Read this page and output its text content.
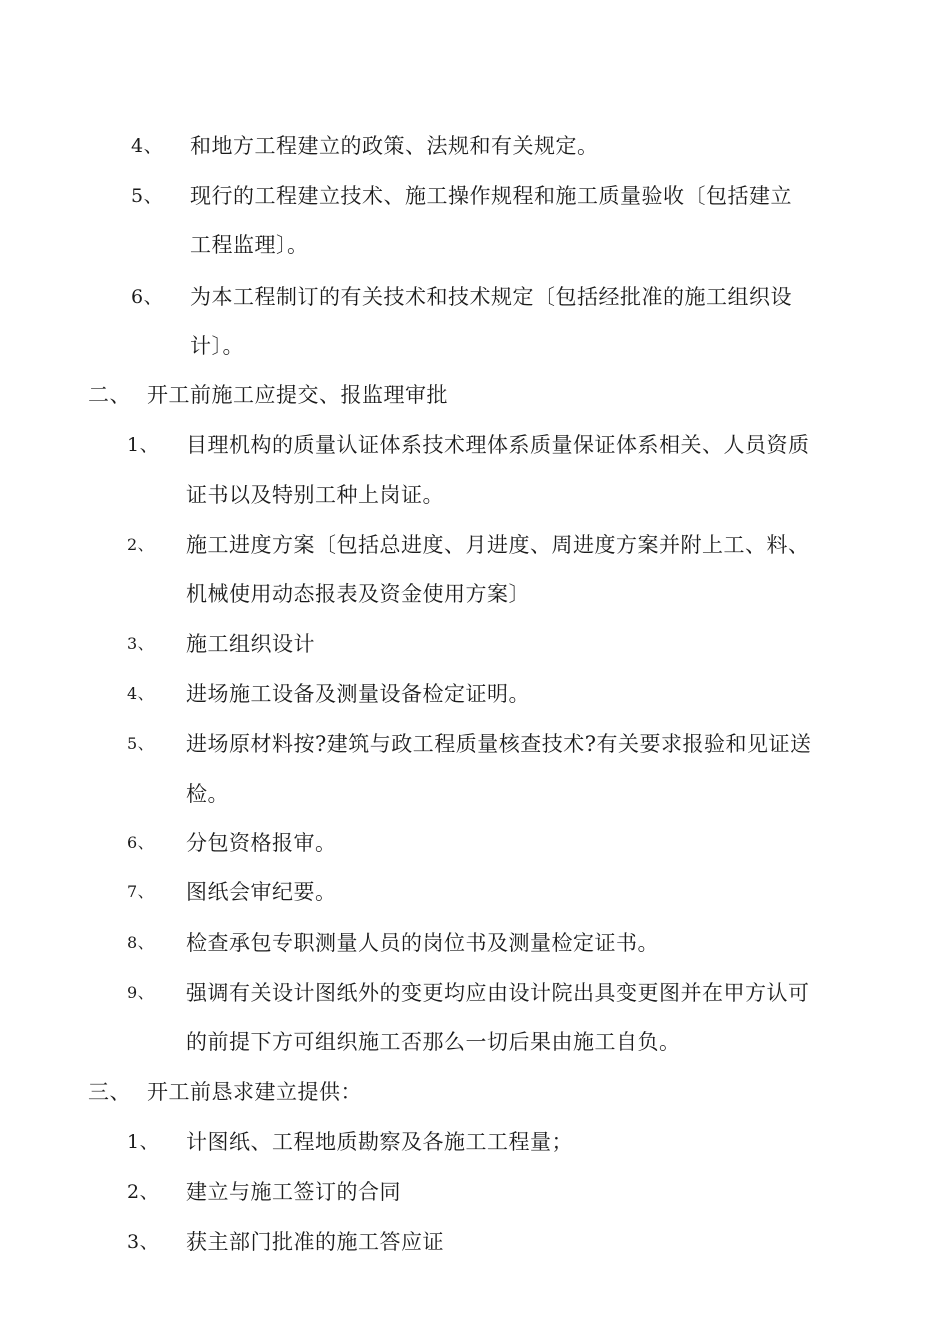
4、 和地方工程建立的政策、法规和有关规定。
5、 现行的工程建立技术、施工操作规程和施工质量验收〔包括建立
工程监理〕。
6、 为本工程制订的有关技术和技术规定〔包括经批准的施工组织设
计〕。
二、 开工前施工应提交、报监理审批
1、 目理机构的质量认证体系技术理体系质量保证体系相关、人员资质
证书以及特别工种上岗证。
2、 施工进度方案〔包括总进度、月进度、周进度方案并附上工、料、
机械使用动态报表及资金使用方案〕
3、 施工组织设计
4、 进场施工设备及测量设备检定证明。
5、 进场原材料按?建筑与政工程质量核查技术?有关要求报验和见证送
检。
6、 分包资格报审。
7、 图纸会审纪要。
8、 检查承包专职测量人员的岗位书及测量检定证书。
9、 强调有关设计图纸外的变更均应由设计院出具变更图并在甲方认可
的前提下方可组织施工否那么一切后果由施工自负。
三、 开工前恳求建立提供：
1、 计图纸、工程地质勘察及各施工工程量；
2、 建立与施工签订的合同
3、 获主部门批准的施工答应证
